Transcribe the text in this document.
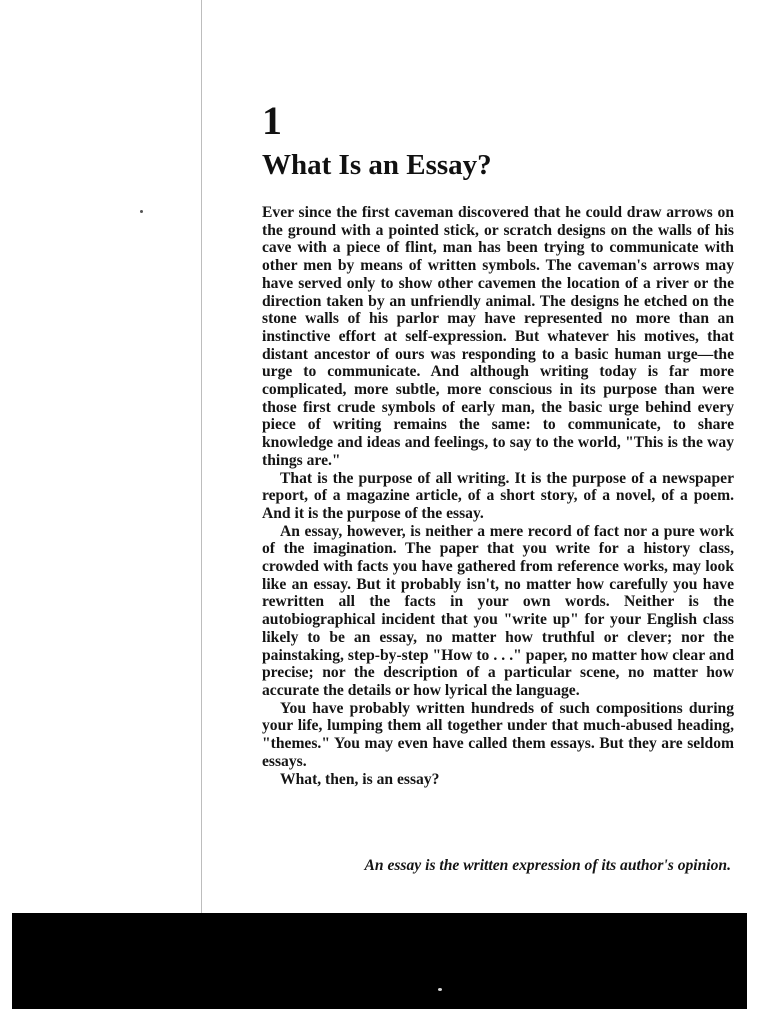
1
What Is an Essay?

Ever since the first caveman discovered that he could draw arrows on the ground with a pointed stick, or scratch designs on the walls of his cave with a piece of flint, man has been trying to communicate with other men by means of written symbols. The caveman's arrows may have served only to show other cavemen the location of a river or the direction taken by an unfriendly animal. The designs he etched on the stone walls of his parlor may have represented no more than an instinctive effort at self-expression. But whatever his motives, that distant ancestor of ours was responding to a basic human urge—the urge to communicate. And although writing today is far more complicated, more subtle, more conscious in its purpose than were those first crude symbols of early man, the basic urge behind every piece of writing remains the same: to communicate, to share knowledge and ideas and feelings, to say to the world, "This is the way things are."

That is the purpose of all writing. It is the purpose of a newspaper report, of a magazine article, of a short story, of a novel, of a poem. And it is the purpose of the essay.

An essay, however, is neither a mere record of fact nor a pure work of the imagination. The paper that you write for a history class, crowded with facts you have gathered from reference works, may look like an essay. But it probably isn't, no matter how carefully you have rewritten all the facts in your own words. Neither is the autobiographical incident that you "write up" for your English class likely to be an essay, no matter how truthful or clever; nor the painstaking, step-by-step "How to . . ." paper, no matter how clear and precise; nor the description of a particular scene, no matter how accurate the details or how lyrical the language.

You have probably written hundreds of such compositions during your life, lumping them all together under that much-abused heading, "themes." You may even have called them essays. But they are seldom essays.

What, then, is an essay?

An essay is the written expression of its author's opinion.
